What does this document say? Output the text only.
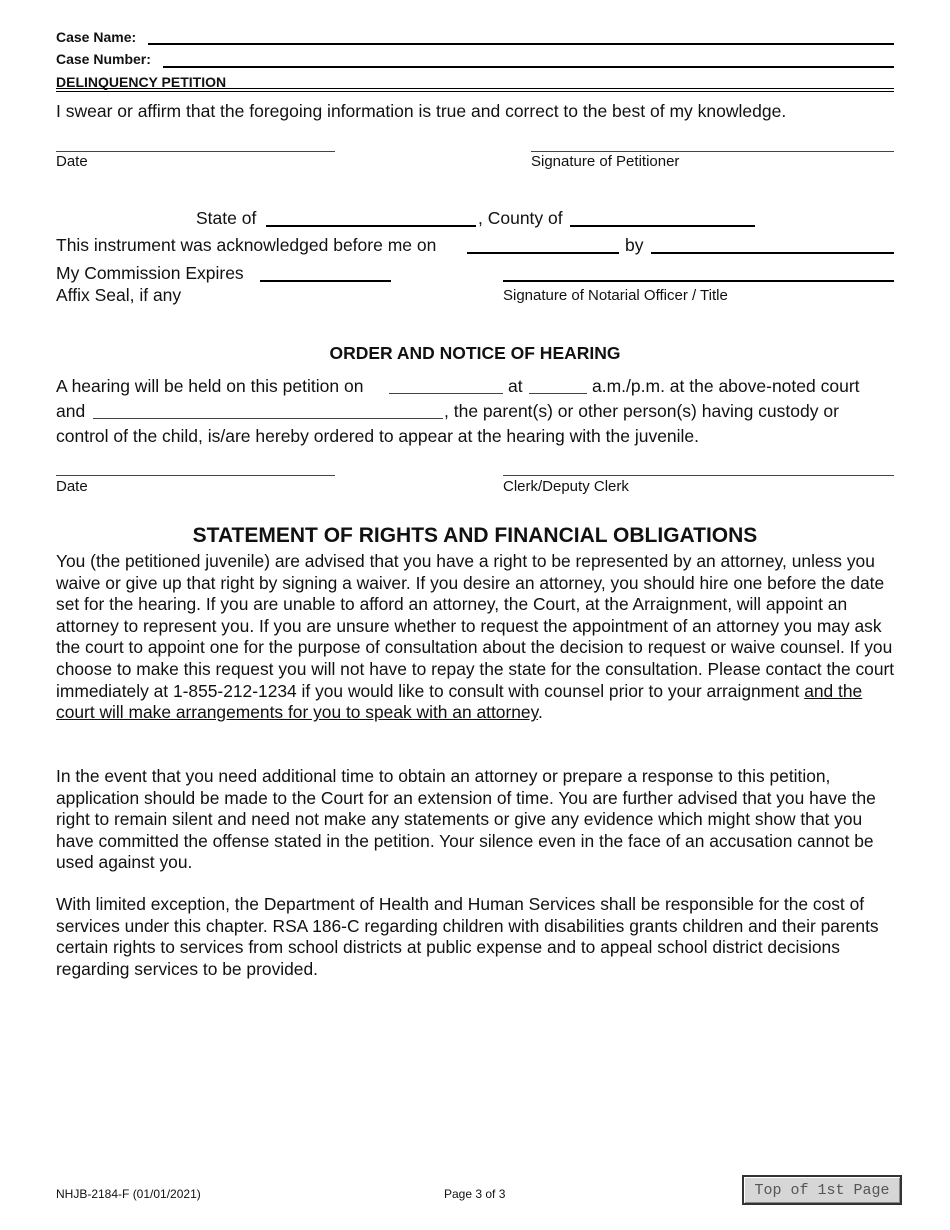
Case Name:
Case Number:
DELINQUENCY PETITION
I swear or affirm that the foregoing information is true and correct to the best of my knowledge.
Date	Signature of Petitioner
State of	, County of
This instrument was acknowledged before me on	by
My Commission Expires
Affix Seal, if any	Signature of Notarial Officer / Title
ORDER AND NOTICE OF HEARING
A hearing will be held on this petition on	at	a.m./p.m. at the above-noted court
and	, the parent(s) or other person(s) having custody or
control of the child, is/are hereby ordered to appear at the hearing with the juvenile.
Date	Clerk/Deputy Clerk
STATEMENT OF RIGHTS AND FINANCIAL OBLIGATIONS
You (the petitioned juvenile) are advised that you have a right to be represented by an attorney, unless you waive or give up that right by signing a waiver. If you desire an attorney, you should hire one before the date set for the hearing. If you are unable to afford an attorney, the Court, at the Arraignment, will appoint an attorney to represent you. If you are unsure whether to request the appointment of an attorney you may ask the court to appoint one for the purpose of consultation about the decision to request or waive counsel. If you choose to make this request you will not have to repay the state for the consultation. Please contact the court immediately at 1-855-212-1234 if you would like to consult with counsel prior to your arraignment and the court will make arrangements for you to speak with an attorney.
In the event that you need additional time to obtain an attorney or prepare a response to this petition, application should be made to the Court for an extension of time. You are further advised that you have the right to remain silent and need not make any statements or give any evidence which might show that you have committed the offense stated in the petition. Your silence even in the face of an accusation cannot be used against you.
With limited exception, the Department of Health and Human Services shall be responsible for the cost of services under this chapter. RSA 186-C regarding children with disabilities grants children and their parents certain rights to services from school districts at public expense and to appeal school district decisions regarding services to be provided.
NHJB-2184-F (01/01/2021)	Page 3 of 3	Top of 1st Page
